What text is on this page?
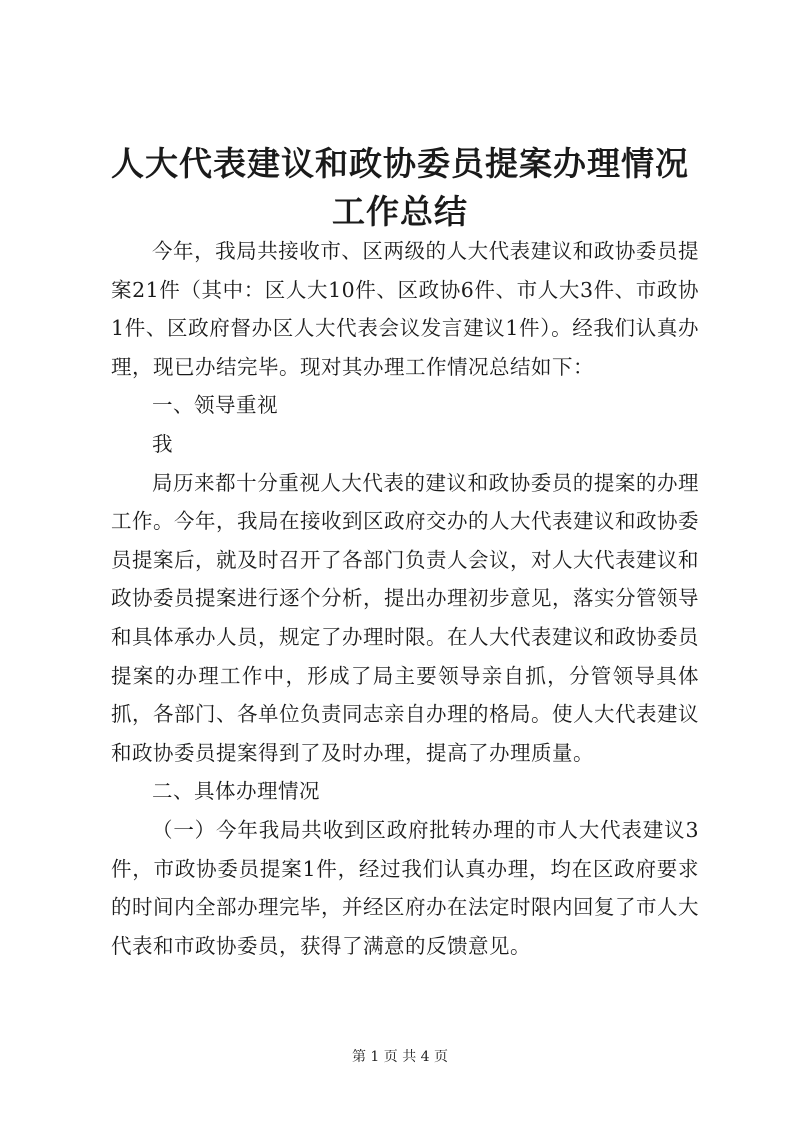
人大代表建议和政协委员提案办理情况工作总结

今年，我局共接收市、区两级的人大代表建议和政协委员提案21件（其中：区人大10件、区政协6件、市人大3件、市政协1件、区政府督办区人大代表会议发言建议1件）。经我们认真办理，现已办结完毕。现对其办理工作情况总结如下：

一、领导重视

我

局历来都十分重视人大代表的建议和政协委员的提案的办理工作。今年，我局在接收到区政府交办的人大代表建议和政协委员提案后，就及时召开了各部门负责人会议，对人大代表建议和政协委员提案进行逐个分析，提出办理初步意见，落实分管领导和具体承办人员，规定了办理时限。在人大代表建议和政协委员提案的办理工作中，形成了局主要领导亲自抓，分管领导具体抓，各部门、各单位负责同志亲自办理的格局。使人大代表建议和政协委员提案得到了及时办理，提高了办理质量。

二、具体办理情况

（一）今年我局共收到区政府批转办理的市人大代表建议3件，市政协委员提案1件，经过我们认真办理，均在区政府要求的时间内全部办理完毕，并经区府办在法定时限内回复了市人大代表和市政协委员，获得了满意的反馈意见。

第 1 页 共 4 页
